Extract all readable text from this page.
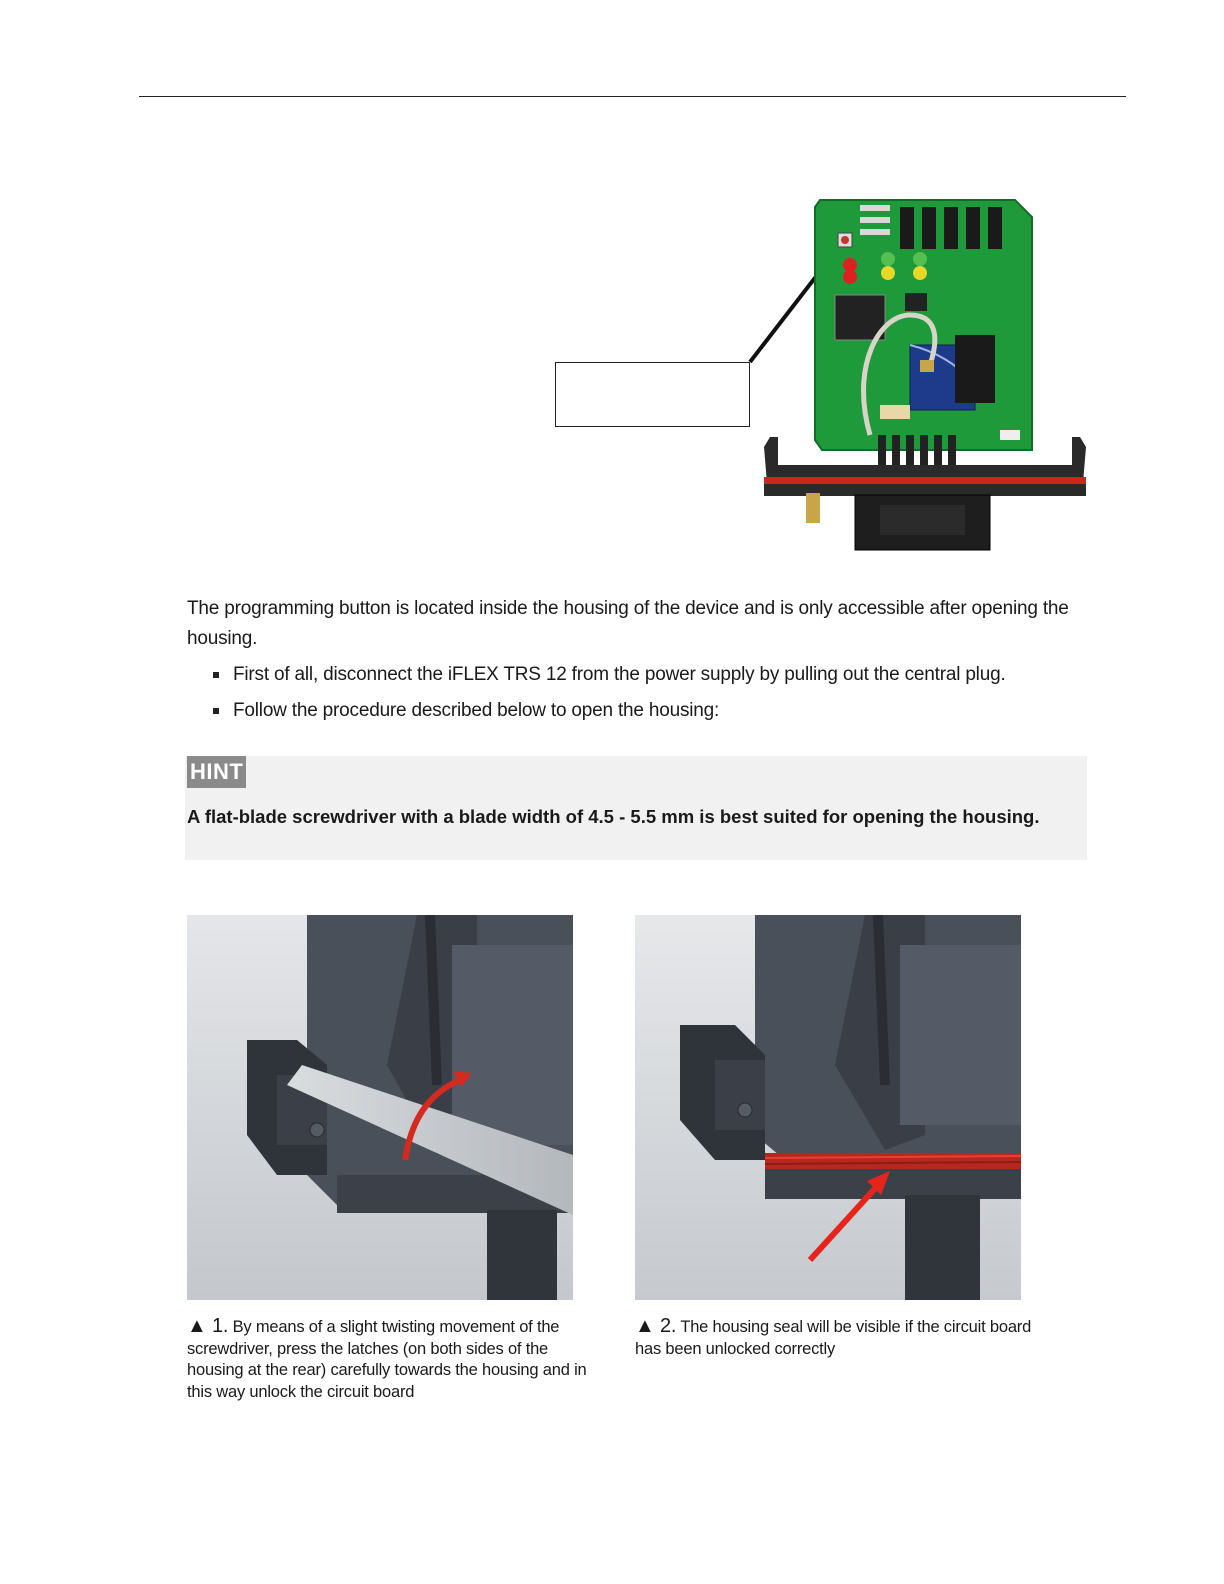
The programming button is located inside the housing of the device and is only accessible after opening the housing.

First of all, disconnect the iFLEX TRS 12 from the power supply by pulling out the central plug.
Follow the procedure described below to open the housing:
HINT

A flat-blade screwdriver with a blade width of 4.5 - 5.5 mm is best suited for opening the housing.

▲ 1. By means of a slight twisting movement of the screwdriver, press the latches (on both sides of the housing at the rear) carefully towards the housing and in this way unlock the circuit board

▲ 2. The housing seal will be visible if the circuit board has been unlocked correctly
